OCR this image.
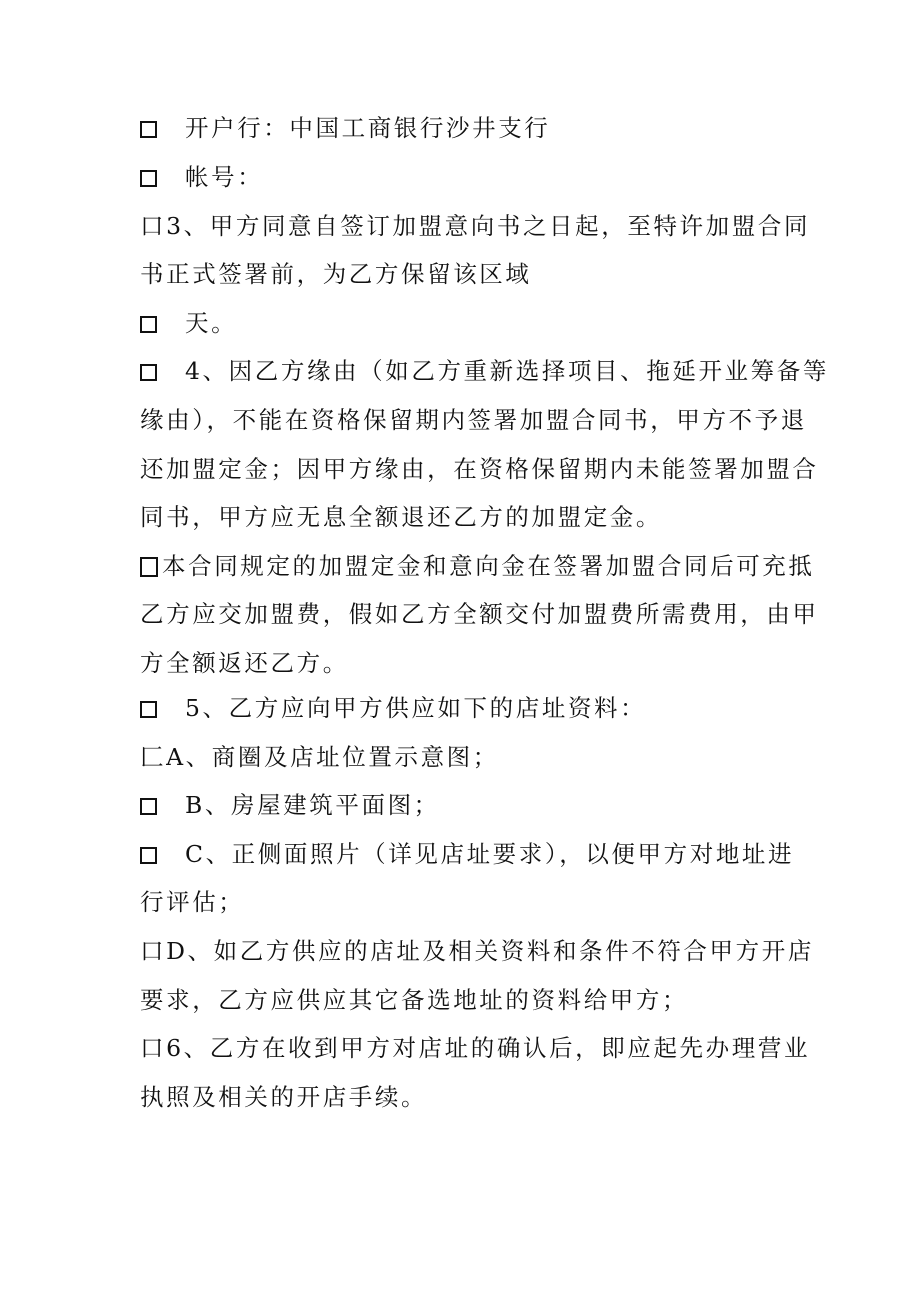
开户行：中国工商银行沙井支行
帐号：
口3、甲方同意自签订加盟意向书之日起，至特许加盟合同
书正式签署前，为乙方保留该区域
天。
4、因乙方缘由（如乙方重新选择项目、拖延开业筹备等
缘由），不能在资格保留期内签署加盟合同书，甲方不予退
还加盟定金；因甲方缘由，在资格保留期内未能签署加盟合
同书，甲方应无息全额退还乙方的加盟定金。
本合同规定的加盟定金和意向金在签署加盟合同后可充抵
乙方应交加盟费，假如乙方全额交付加盟费所需费用，由甲
方全额返还乙方。
5、乙方应向甲方供应如下的店址资料：
匚A、商圈及店址位置示意图；
B、房屋建筑平面图；
C、正侧面照片（详见店址要求），以便甲方对地址进
行评估；
口D、如乙方供应的店址及相关资料和条件不符合甲方开店
要求，乙方应供应其它备选地址的资料给甲方；
口6、乙方在收到甲方对店址的确认后，即应起先办理营业
执照及相关的开店手续。
